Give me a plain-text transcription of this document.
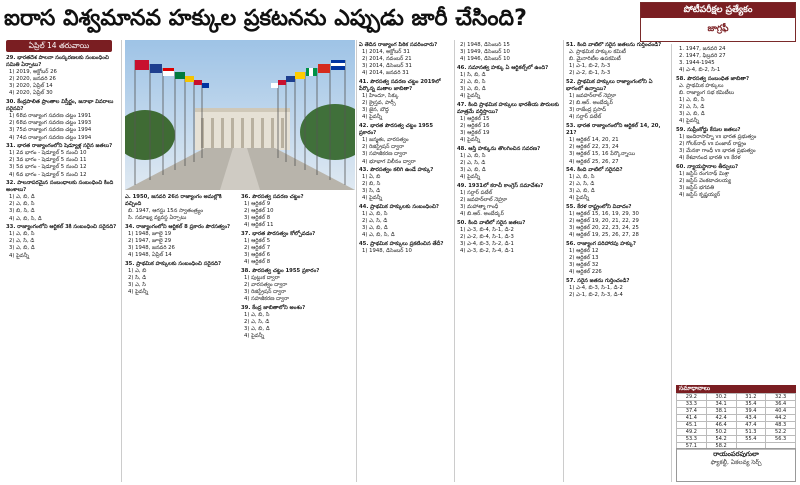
ఐరాస విశ్వమానవ హక్కుల ప్రకటనను ఎప్పుడు జారీ చేసింది?	పోటీపరీక్షల ప్రత్యేకం
జాగ్రఫీ
ఏప్రిల్ 14 తరువాయి
29. భారతదేశ పాలనా సంస్కరణలకు సంబంధించి సమితి ఏర్పాటు?
1) 2019, అక్టోబర్ 26
2) 2020, జనవరి 26
3) 2020, ఏప్రిల్ 14
4) 2020, ఏప్రిల్ 30
30. కేంద్రపాలిత ప్రాంతాల విస్తీర్ణం, జనాభా వివరాలు సరైనవి?
1) 68వ రాజ్యాంగ సవరణ చట్టం 1991
2) 68వ రాజ్యాంగ సవరణ చట్టం 1993
3) 75వ రాజ్యాంగ సవరణ చట్టం 1994
4) 74వ రాజ్యాంగ సవరణ చట్టం 1994
31. భారత రాజ్యాంగంలోని షెడ్యూళ్ల సరైన జతలు?
1) 2వ భాగం - షెడ్యూల్ 5 నుంచి 10
2) 3వ భాగం - షెడ్యూల్ 5 నుంచి 11
3) 5వ భాగం - షెడ్యూల్ 5 నుంచి 12
4) 6వ భాగం - షెడ్యూల్ 5 నుంచి 12
32. పాలనాపరమైన సంబంధాలకు సంబంధించి కింది అంశాలు?
1) ఎ, బి, డి
2) ఎ, బి, సి
3) బి, సి, డి
4) ఎ, బి, సి, డి
33. రాజ్యాంగంలోని ఆర్టికల్ 3కి సంబంధించి సరైనది?
1) ఎ, బి, సి
2) ఎ, సి, డి
3) ఎ, బి, డి
4) పైవన్నీ
ఎ. 1950, జనవరి 26న రాజ్యాంగం అమల్లోకి వచ్చింది
బి. 1947, ఆగస్టు 15న స్వాతంత్ర్యం
సి. సమాఖ్య వ్యవస్థ ఏర్పాటు
34. రాజ్యాంగంలోని ఆర్టికల్ 8 ప్రకారం పౌరసత్వం?
1) 1948, జూలై 19
2) 1947, జూలై 29
3) 1948, జనవరి 26
4) 1948, ఏప్రిల్ 14
35. ప్రాథమిక హక్కులకు సంబంధించి సరైనది?
1) ఎ, బి
2) సి, డి
3) ఎ, సి
4) పైవన్నీ
36. పౌరసత్వ సవరణ చట్టం?
1) ఆర్టికల్ 9
2) ఆర్టికల్ 10
3) ఆర్టికల్ 8
4) ఆర్టికల్ 11
37. భారత పౌరసత్వం కోల్పోవడం?
1) ఆర్టికల్ 5
2) ఆర్టికల్ 7
3) ఆర్టికల్ 6
4) ఆర్టికల్ 8
38. పౌరసత్వ చట్టం 1955 ప్రకారం?
1) పుట్టుక ద్వారా
2) వారసత్వం ద్వారా
3) రిజిస్ట్రేషన్ ద్వారా
4) సహజీకరణ ద్వారా
39. కేంద్ర జాబితాలోని అంశం?
1) ఎ, బి, సి
2) ఎ, సి, డి
3) ఎ, బి, డి
4) పైవన్నీ
ఏ తేదీన రాజ్యాంగ పీఠిక సవరించారు?
1) 2014, అక్టోబర్ 31
2) 2014, నవంబర్ 21
3) 2014, డిసెంబర్ 31
4) 2014, జనవరి 31
41. పౌరసత్వ సవరణ చట్టం 2019లో పేర్కొన్న మతాల జాబితా?
1) హిందూ, సిక్కు
2) క్రైస్తవ, పార్సీ
3) జైన, బౌద్ధ
4) పైవన్నీ
42. భారత పౌరసత్వ చట్టం 1955 ప్రకారం?
1) జన్మతః, వారసత్వం
2) రిజిస్ట్రేషన్ ద్వారా
3) సహజీకరణ ద్వారా
4) భూభాగ విలీనం ద్వారా
43. పౌరసత్వం కలిగి ఉండే హక్కు?
1) ఏ, బి
2) బి, సి
3) సి, డి
4) పైవన్నీ
44. ప్రాథమిక హక్కులకు సంబంధించి?
1) ఎ, బి, సి
2) ఎ, సి, డి
3) ఎ, బి, డి
4) ఎ, బి, సి, డి
45. ప్రాథమిక హక్కులు ప్రకటించిన తేదీ?
1) 1948, డిసెంబర్ 10
2) 1948, డిసెంబర్ 15
3) 1949, డిసెంబర్ 10
4) 1946, డిసెంబర్ 10
46. సమానత్వ హక్కు ఏ ఆర్టికల్స్‌లో ఉంది?
1) సి, బి, డి
2) ఎ, బి, సి
3) ఎ, బి, డి
4) పైవన్నీ
47. కింది ప్రాథమిక హక్కులు భారతీయ పౌరులకు మాత్రమే వర్తిస్తాయి?
1) ఆర్టికల్ 15
2) ఆర్టికల్ 16
3) ఆర్టికల్ 19
4) పైవన్నీ
48. ఆస్తి హక్కును తొలగించిన సవరణ?
1) ఎ, బి, సి
2) ఎ, సి, డి
3) ఎ, బి, డి
4) పైవన్నీ
49. 1931లో కరాచీ కాంగ్రెస్ సమావేశం?
1) సర్దార్ పటేల్
2) జవహర్‌లాల్ నెహ్రూ
3) మహాత్మా గాంధీ
4) బి.ఆర్. అంబేద్కర్
50. కింది వాటిలో సరైన జతలు?
1) ఎ-3, బి-4, సి-1, డి-2
2) ఎ-2, బి-4, సి-1, డి-3
3) ఎ-4, బి-3, సి-2, డి-1
4) ఎ-3, బి-2, సి-4, డి-1
51. కింది వాటిలో సరైన జతలను గుర్తించండి?
ఎ. ప్రాథమిక హక్కుల కమిటీ
బి. మైనారిటీల ఉపకమిటీ
1) ఎ-1, బి-2, సి-3
2) ఎ-2, బి-1, సి-3
52. ప్రాథమిక హక్కులు రాజ్యాంగంలోని ఏ భాగంలో ఉన్నాయి?
1) జవహర్‌లాల్ నెహ్రూ
2) బి.ఆర్. అంబేద్కర్
3) రాజేంద్ర ప్రసాద్
4) సర్దార్ పటేల్
53. భారత రాజ్యాంగంలోని ఆర్టికల్ 14, 20, 21?
1) ఆర్టికల్ 14, 20, 21
2) ఆర్టికల్ 22, 23, 24
3) ఆర్టికల్ 15, 16 పేర్కొన్నాయి
4) ఆర్టికల్ 25, 26, 27
54. కింది వాటిలో సరైనది?
1) ఎ, బి, సి
2) ఎ, సి, డి
3) ఎ, బి, డి
4) పైవన్నీ
55. కేరళ రాష్ట్రంలోని వివాదం?
1) ఆర్టికల్ 15, 16, 19, 29, 30
2) ఆర్టికల్ 19, 20, 21, 22, 29
3) ఆర్టికల్ 20, 22, 23, 24, 25
4) ఆర్టికల్ 19, 25, 26, 27, 28
56. రాజ్యాంగ పరిహారపు హక్కు?
1) ఆర్టికల్ 12
2) ఆర్టికల్ 13
3) ఆర్టికల్ 32
4) ఆర్టికల్ 226
57. సరైన జతను గుర్తించండి?
1) ఎ-4, బి-3, సి-1, డి-2
2) ఎ-1, బి-2, సి-3, డి-4
1. 1947, జనవరి 24
2. 1947, ఫిబ్రవరి 27
3. 1944-1945
4) ఎ-4, బి-2, సి-1
58. పౌరసత్వ సంబంధిత జాబితా?
ఎ. ప్రాథమిక హక్కులు
బి. రాజ్యాంగ సభ కమిటీలు
1) ఎ, బి, సి
2) ఎ, సి, డి
3) ఎ, బి, డి
4) పైవన్నీ
59. సుప్రీంకోర్టు కేసుల జతలు?
1) ఇందిరాసాహ్ని vs భారత ప్రభుత్వం
2) గోలక్‌నాథ్ vs పంజాబ్ రాష్ట్రం
3) మేనకా గాంధీ vs భారత ప్రభుత్వం
4) కేశవానంద భారతి vs కేరళ
60. న్యాయస్థానాల తీర్పులు?
1) జస్టిస్ రంగనాథ్ మిశ్రా
2) జస్టిస్ వెంకటాచలయ్య
3) జస్టిస్ భగవతి
4) జస్టిస్ కృష్ణయ్యర్
సమాధానాలు
29.2	30.2	31.2	32.3
33.3	34.1	35.4	36.4
37.4	38.1	39.4	40.4
41.4	42.4	43.4	44.2
45.1	46.4	47.4	48.3
49.2	50.2	51.3	52.2
53.3	54.2	55.4	56.3
57.1	58.2		
రాయంపరపుగులా
ఫ్యాకల్టీ, ఏకలవ్య సెర్చ్
